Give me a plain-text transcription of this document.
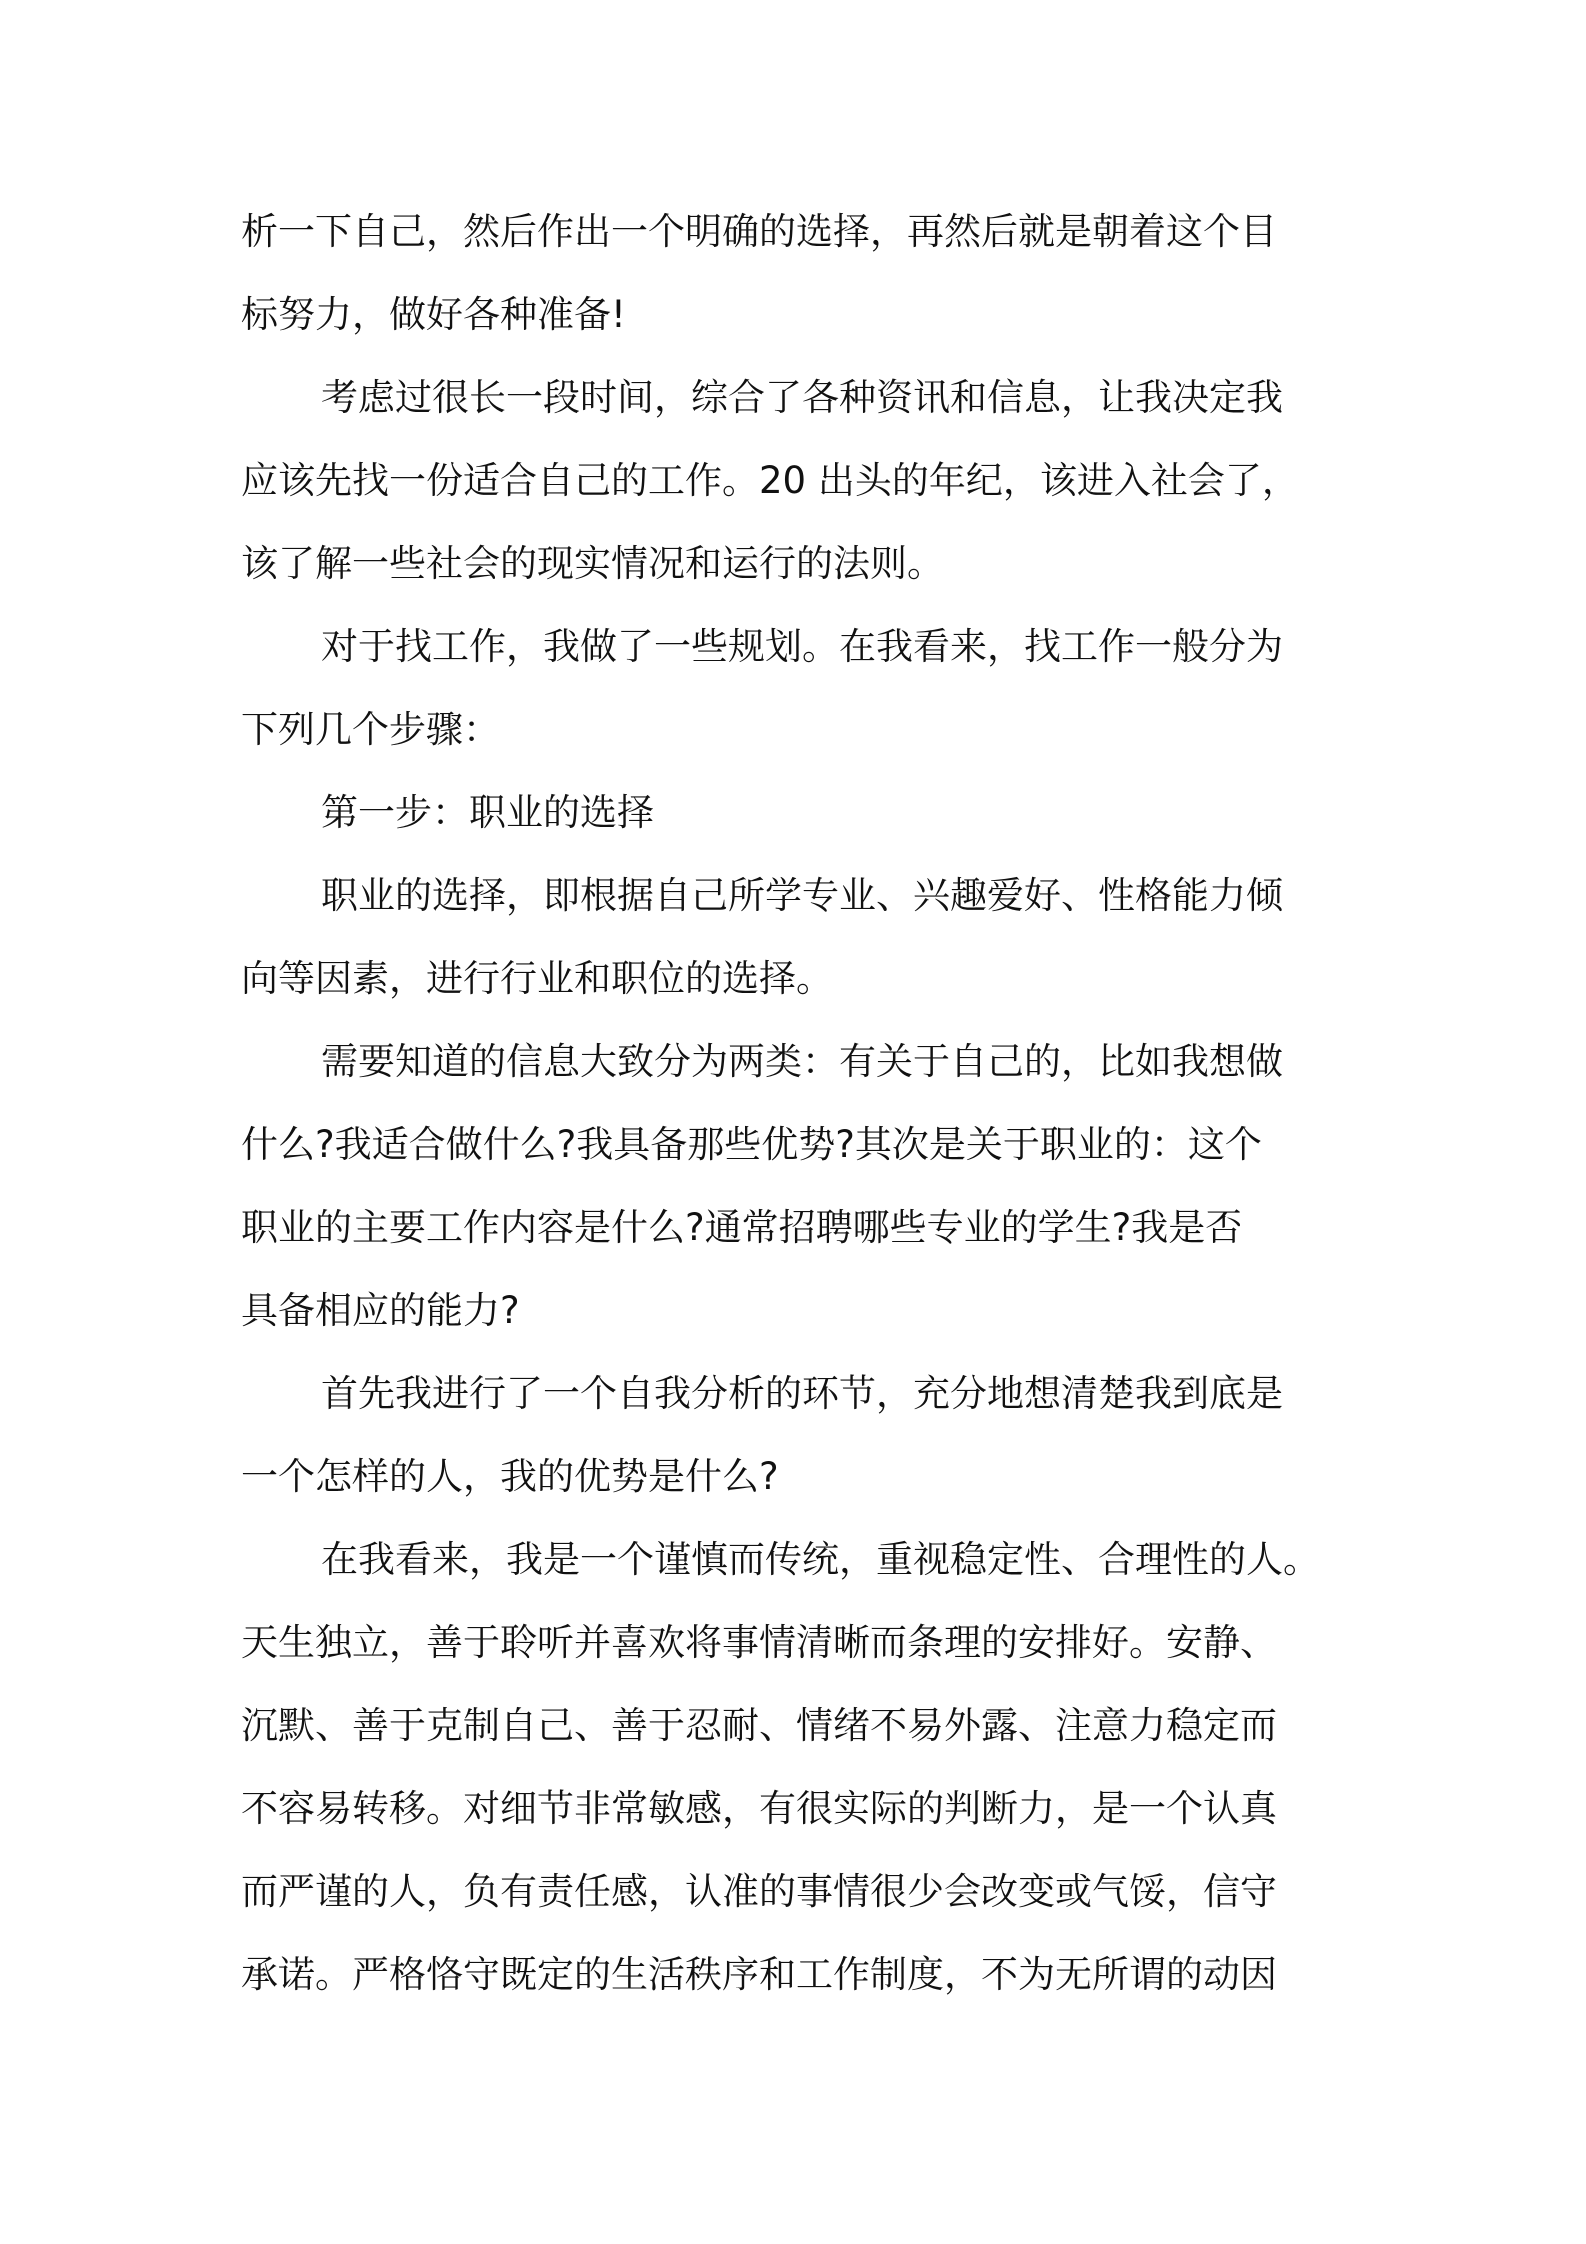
析一下自己，然后作出一个明确的选择，再然后就是朝着这个目
标努力，做好各种准备!

考虑过很长一段时间，综合了各种资讯和信息，让我决定我
应该先找一份适合自己的工作。20 出头的年纪，该进入社会了，
该了解一些社会的现实情况和运行的法则。

对于找工作，我做了一些规划。在我看来，找工作一般分为
下列几个步骤：

第一步：职业的选择

职业的选择，即根据自己所学专业、兴趣爱好、性格能力倾
向等因素，进行行业和职位的选择。

需要知道的信息大致分为两类：有关于自己的，比如我想做
什么?我适合做什么?我具备那些优势?其次是关于职业的：这个
职业的主要工作内容是什么?通常招聘哪些专业的学生?我是否
具备相应的能力?

首先我进行了一个自我分析的环节，充分地想清楚我到底是
一个怎样的人，我的优势是什么?

在我看来，我是一个谨慎而传统，重视稳定性、合理性的人。
天生独立，善于聆听并喜欢将事情清晰而条理的安排好。安静、
沉默、善于克制自己、善于忍耐、情绪不易外露、注意力稳定而
不容易转移。对细节非常敏感，有很实际的判断力，是一个认真
而严谨的人，负有责任感，认准的事情很少会改变或气馁，信守
承诺。严格恪守既定的生活秩序和工作制度，不为无所谓的动因
